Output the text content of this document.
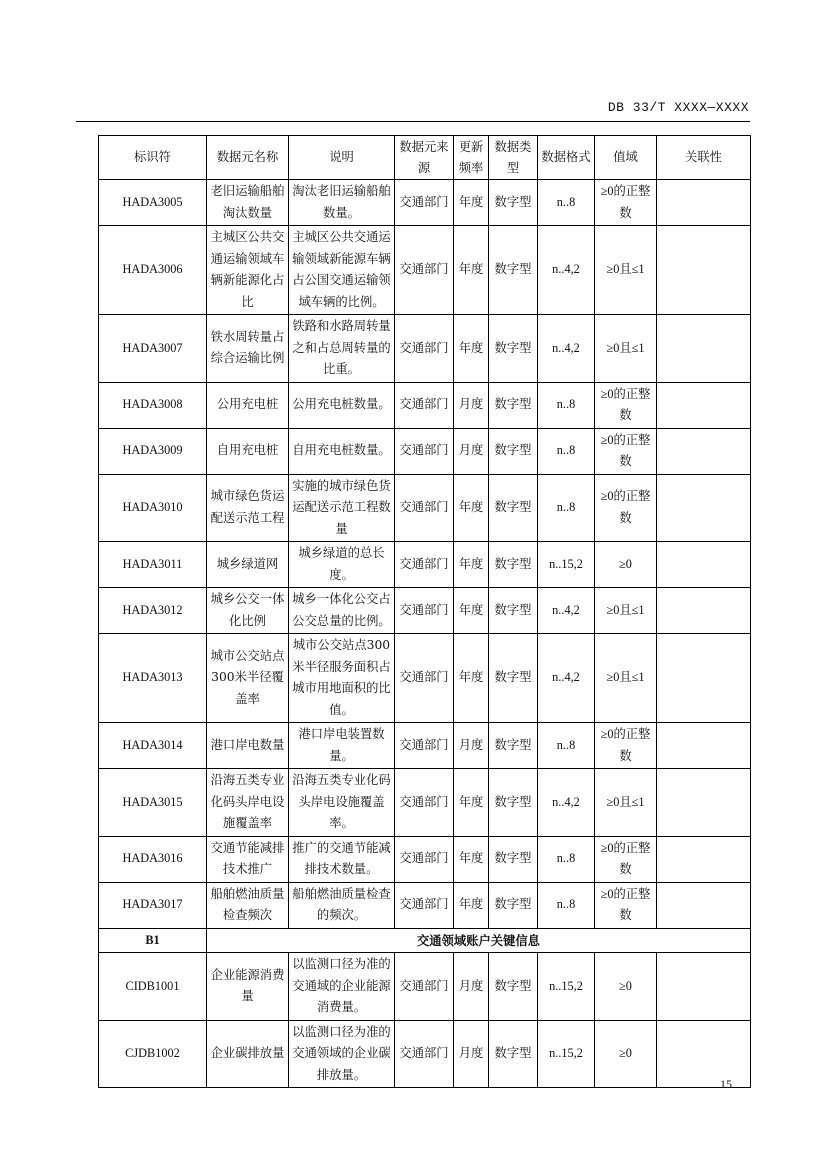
DB 33/T XXXX—XXXX
标识符	数据元名称	说明	数据元来源	更新频率	数据类型	数据格式	值域	关联性
HADA3005	老旧运输船舶淘汰数量	淘汰老旧运输船舶数量。	交通部门	年度	数字型	n..8	≥0的正整数	
HADA3006	主城区公共交通运输领域车辆新能源化占比	主城区公共交通运输领域新能源车辆占公国交通运输领域车辆的比例。	交通部门	年度	数字型	n..4,2	≥0且≤1	
HADA3007	铁水周转量占综合运输比例	铁路和水路周转量之和占总周转量的比重。	交通部门	年度	数字型	n..4,2	≥0且≤1	
HADA3008	公用充电桩	公用充电桩数量。	交通部门	月度	数字型	n..8	≥0的正整数	
HADA3009	自用充电桩	自用充电桩数量。	交通部门	月度	数字型	n..8	≥0的正整数	
HADA3010	城市绿色货运配送示范工程	实施的城市绿色货运配送示范工程数量	交通部门	年度	数字型	n..8	≥0的正整数	
HADA3011	城乡绿道网	城乡绿道的总长度。	交通部门	年度	数字型	n..15,2	≥0	
HADA3012	城乡公交一体化比例	城乡一体化公交占公交总量的比例。	交通部门	年度	数字型	n..4,2	≥0且≤1	
HADA3013	城市公交站点300米半径覆盖率	城市公交站点300米半径服务面积占城市用地面积的比值。	交通部门	年度	数字型	n..4,2	≥0且≤1	
HADA3014	港口岸电数量	港口岸电装置数量。	交通部门	月度	数字型	n..8	≥0的正整数	
HADA3015	沿海五类专业化码头岸电设施覆盖率	沿海五类专业化码头岸电设施覆盖率。	交通部门	年度	数字型	n..4,2	≥0且≤1	
HADA3016	交通节能减排技术推广	推广的交通节能减排技术数量。	交通部门	年度	数字型	n..8	≥0的正整数	
HADA3017	船舶燃油质量检查频次	船舶燃油质量检查的频次。	交通部门	年度	数字型	n..8	≥0的正整数	
B1	交通领域账户关键信息							
CIDB1001	企业能源消费量	以监测口径为准的交通域的企业能源消费量。	交通部门	月度	数字型	n..15,2	≥0	
CJDB1002	企业碳排放量	以监测口径为准的交通领域的企业碳排放量。	交通部门	月度	数字型	n..15,2	≥0	
15
